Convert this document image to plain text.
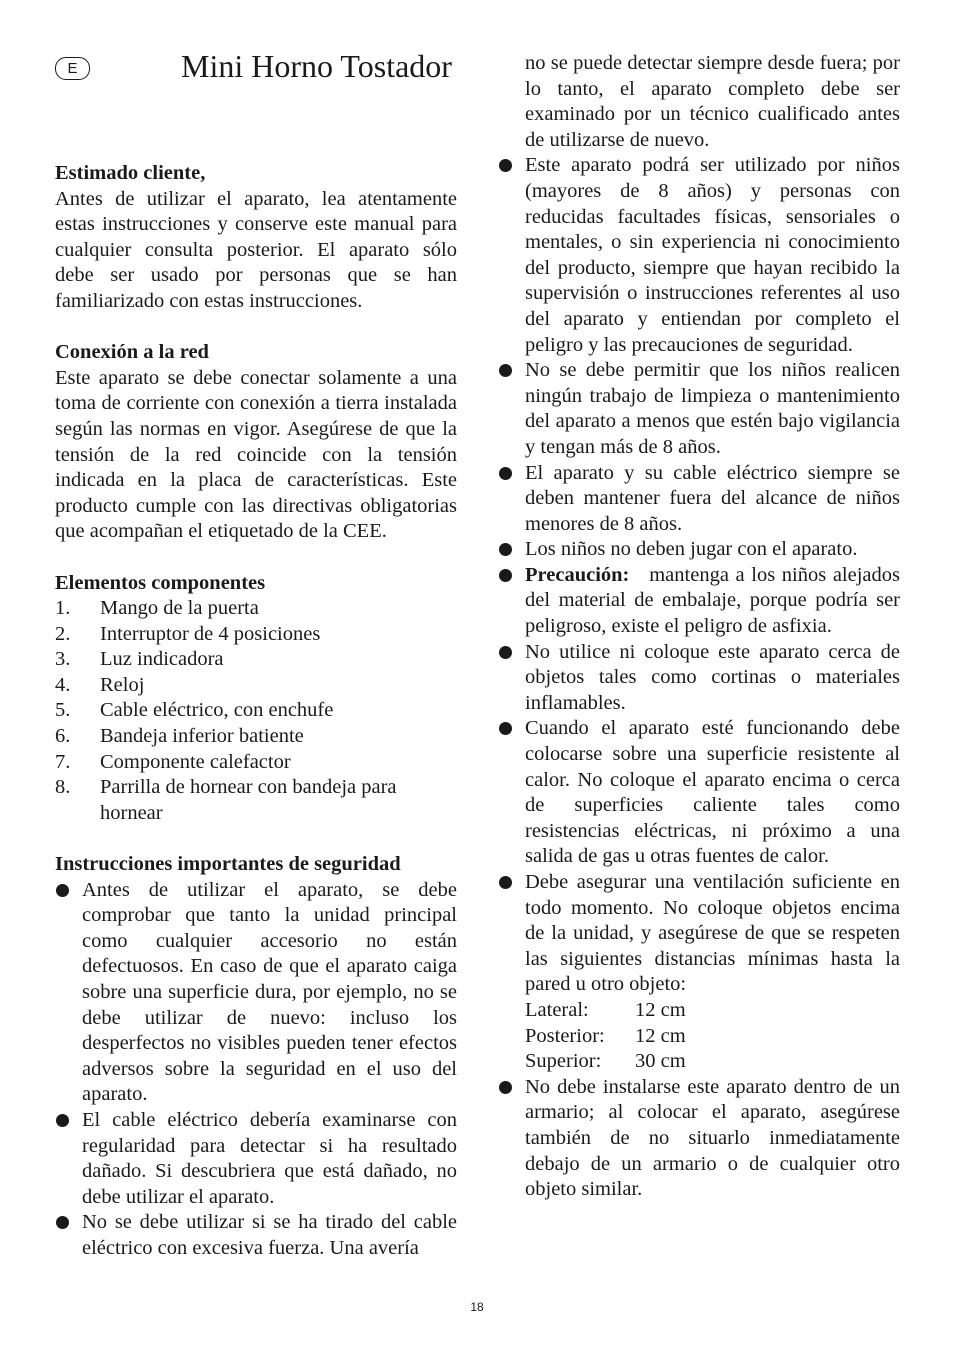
E	Mini Horno Tostador

Estimado cliente,

Antes de utilizar el aparato, lea atentamente estas instrucciones y conserve este manual para cualquier consulta posterior. El aparato sólo debe ser usado por personas que se han familiarizado con estas instrucciones.

Conexión a la red

Este aparato se debe conectar solamente a una toma de corriente con conexión a tierra instalada según las normas en vigor. Asegúrese de que la tensión de la red coincide con la tensión indicada en la placa de características. Este producto cumple con las directivas obligatorias que acompañan el etiquetado de la CEE.

Elementos componentes

1.	Mango de la puerta
2.	Interruptor de 4 posiciones
3.	Luz indicadora
4.	Reloj
5.	Cable eléctrico, con enchufe
6.	Bandeja inferior batiente
7.	Componente calefactor
8.	Parrilla de hornear con bandeja para hornear

Instrucciones importantes de seguridad

Antes de utilizar el aparato, se debe comprobar que tanto la unidad principal como cualquier accesorio no están defectuosos. En caso de que el aparato caiga sobre una superficie dura, por ejemplo, no se debe utilizar de nuevo: incluso los desperfectos no visibles pueden tener efectos adversos sobre la seguridad en el uso del aparato.
El cable eléctrico debería examinarse con regularidad para detectar si ha resultado dañado. Si descubriera que está dañado, no debe utilizar el aparato.
No se debe utilizar si se ha tirado del cable eléctrico con excesiva fuerza. Una avería

no se puede detectar siempre desde fuera; por lo tanto, el aparato completo debe ser examinado por un técnico cualificado antes de utilizarse de nuevo.

Este aparato podrá ser utilizado por niños (mayores de 8 años) y personas con reducidas facultades físicas, sensoriales o mentales, o sin experiencia ni conocimiento del producto, siempre que hayan recibido la supervisión o instrucciones referentes al uso del aparato y entiendan por completo el peligro y las precauciones de seguridad.
No se debe permitir que los niños realicen ningún trabajo de limpieza o mantenimiento del aparato a menos que estén bajo vigilancia y tengan más de 8 años.
El aparato y su cable eléctrico siempre se deben mantener fuera del alcance de niños menores de 8 años.
Los niños no deben jugar con el aparato.
Precaución: mantenga a los niños alejados del material de embalaje, porque podría ser peligroso, existe el peligro de asfixia.
No utilice ni coloque este aparato cerca de objetos tales como cortinas o materiales inflamables.
Cuando el aparato esté funcionando debe colocarse sobre una superficie resistente al calor. No coloque el aparato encima o cerca de superficies caliente tales como resistencias eléctricas, ni próximo a una salida de gas u otras fuentes de calor.
Debe asegurar una ventilación suficiente en todo momento. No coloque objetos encima de la unidad, y asegúrese de que se respeten las siguientes distancias mínimas hasta la pared u otro objeto:
Lateral:	12 cm
Posterior:	12 cm
Superior:	30 cm
No debe instalarse este aparato dentro de un armario; al colocar el aparato, asegúrese también de no situarlo inmediatamente debajo de un armario o de cualquier otro objeto similar.
18
